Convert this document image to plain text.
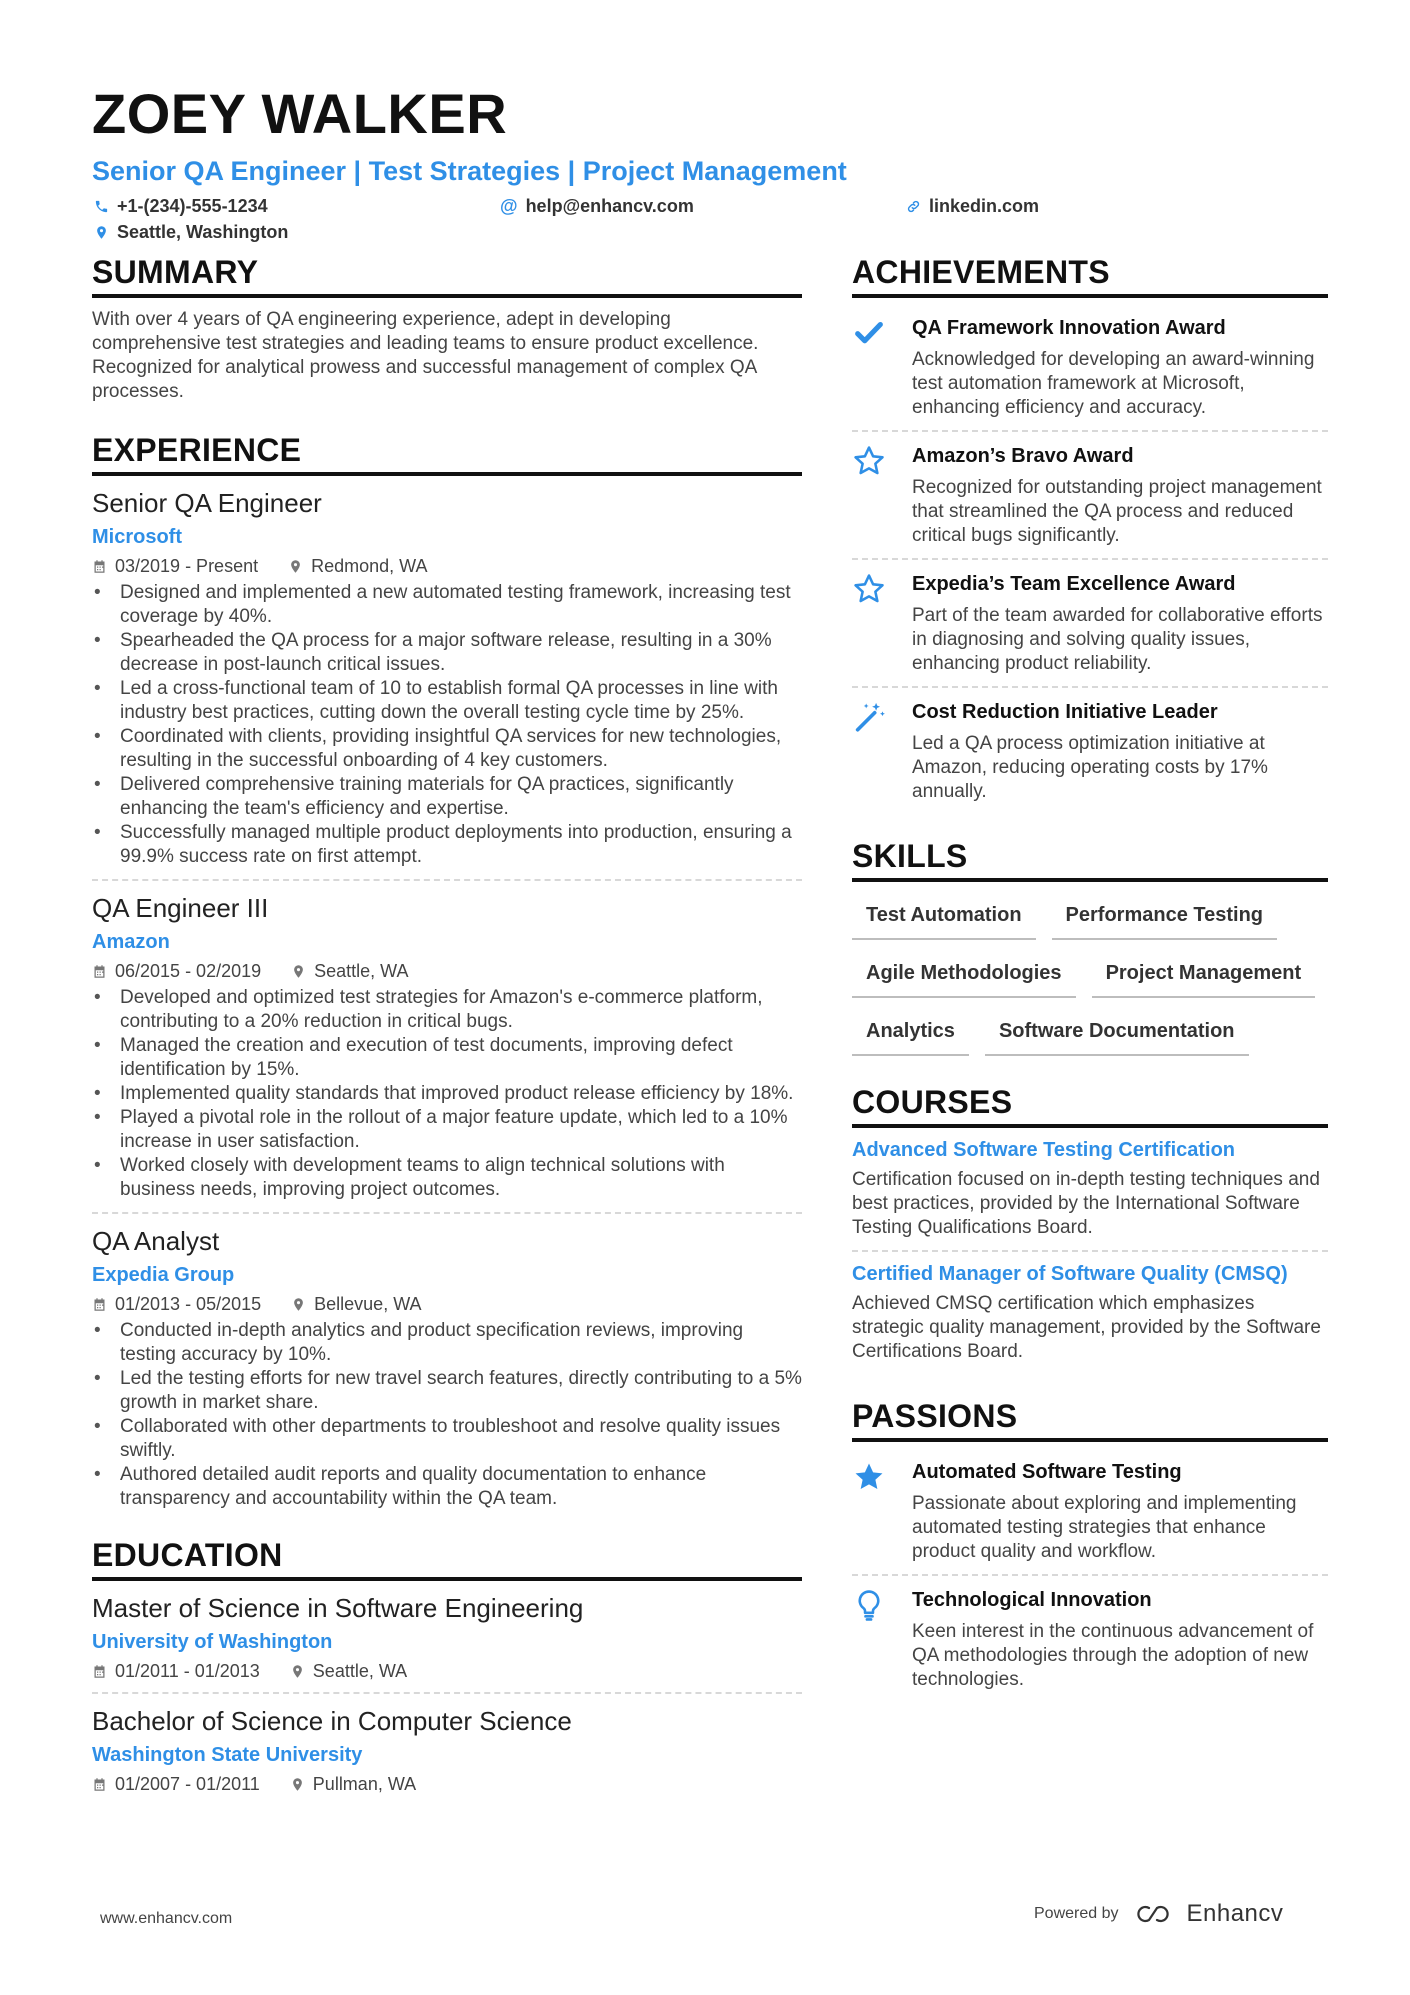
ZOEY WALKER
Senior QA Engineer | Test Strategies | Project Management
+1-(234)-555-1234	@ help@enhancv.com	linkedin.com
Seattle, Washington
SUMMARY
With over 4 years of QA engineering experience, adept in developing comprehensive test strategies and leading teams to ensure product excellence. Recognized for analytical prowess and successful management of complex QA processes.
EXPERIENCE
Senior QA Engineer
Microsoft
03/2019 - Present	Redmond, WA
• Designed and implemented a new automated testing framework, increasing test coverage by 40%.
• Spearheaded the QA process for a major software release, resulting in a 30% decrease in post-launch critical issues.
• Led a cross-functional team of 10 to establish formal QA processes in line with industry best practices, cutting down the overall testing cycle time by 25%.
• Coordinated with clients, providing insightful QA services for new technologies, resulting in the successful onboarding of 4 key customers.
• Delivered comprehensive training materials for QA practices, significantly enhancing the team's efficiency and expertise.
• Successfully managed multiple product deployments into production, ensuring a 99.9% success rate on first attempt.
QA Engineer III
Amazon
06/2015 - 02/2019	Seattle, WA
• Developed and optimized test strategies for Amazon's e-commerce platform, contributing to a 20% reduction in critical bugs.
• Managed the creation and execution of test documents, improving defect identification by 15%.
• Implemented quality standards that improved product release efficiency by 18%.
• Played a pivotal role in the rollout of a major feature update, which led to a 10% increase in user satisfaction.
• Worked closely with development teams to align technical solutions with business needs, improving project outcomes.
QA Analyst
Expedia Group
01/2013 - 05/2015	Bellevue, WA
• Conducted in-depth analytics and product specification reviews, improving testing accuracy by 10%.
• Led the testing efforts for new travel search features, directly contributing to a 5% growth in market share.
• Collaborated with other departments to troubleshoot and resolve quality issues swiftly.
• Authored detailed audit reports and quality documentation to enhance transparency and accountability within the QA team.
EDUCATION
Master of Science in Software Engineering
University of Washington
01/2011 - 01/2013	Seattle, WA
Bachelor of Science in Computer Science
Washington State University
01/2007 - 01/2011	Pullman, WA
ACHIEVEMENTS
QA Framework Innovation Award
Acknowledged for developing an award-winning test automation framework at Microsoft, enhancing efficiency and accuracy.
Amazon’s Bravo Award
Recognized for outstanding project management that streamlined the QA process and reduced critical bugs significantly.
Expedia’s Team Excellence Award
Part of the team awarded for collaborative efforts in diagnosing and solving quality issues, enhancing product reliability.
Cost Reduction Initiative Leader
Led a QA process optimization initiative at Amazon, reducing operating costs by 17% annually.
SKILLS
Test Automation	Performance Testing
Agile Methodologies	Project Management
Analytics	Software Documentation
COURSES
Advanced Software Testing Certification
Certification focused on in-depth testing techniques and best practices, provided by the International Software Testing Qualifications Board.
Certified Manager of Software Quality (CMSQ)
Achieved CMSQ certification which emphasizes strategic quality management, provided by the Software Certifications Board.
PASSIONS
Automated Software Testing
Passionate about exploring and implementing automated testing strategies that enhance product quality and workflow.
Technological Innovation
Keen interest in the continuous advancement of QA methodologies through the adoption of new technologies.
www.enhancv.com	Powered by	Enhancv
